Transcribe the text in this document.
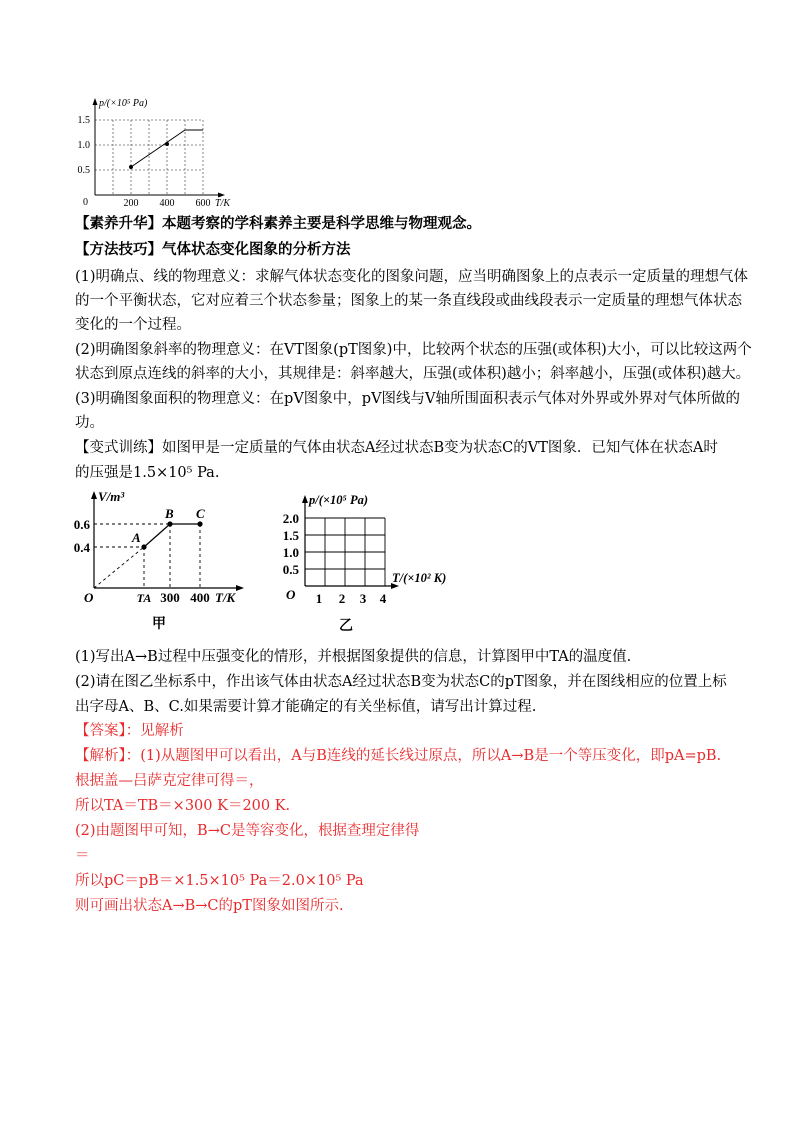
p/(×10⁵ Pa)
1.5
1.0
0.5
0	200 400 600 T/K
【素养升华】本题考察的学科素养主要是科学思维与物理观念。
【方法技巧】气体状态变化图象的分析方法
(1)明确点、线的物理意义：求解气体状态变化的图象问题，应当明确图象上的点表示一定质量的理想气体
的一个平衡状态，它对应着三个状态参量；图象上的某一条直线段或曲线段表示一定质量的理想气体状态
变化的一个过程。
(2)明确图象斜率的物理意义：在VT图象(pT图象)中，比较两个状态的压强(或体积)大小，可以比较这两个
状态到原点连线的斜率的大小，其规律是：斜率越大，压强(或体积)越小；斜率越小，压强(或体积)越大。
(3)明确图象面积的物理意义：在pV图象中，pV图线与V轴所围面积表示气体对外界或外界对气体所做的
功。
【变式训练】如图甲是一定质量的气体由状态A经过状态B变为状态C的VT图象．已知气体在状态A时
的压强是1.5×10⁵ Pa.
V/m³
0.6
0.4
A
B C
O	TA 300 400 T/K
甲
p/(×10⁵ Pa)
2.0
1.5
1.0
0.5
O 1 2 3 4
T/(×10² K)
乙
(1)写出A→B过程中压强变化的情形，并根据图象提供的信息，计算图甲中TA的温度值.
(2)请在图乙坐标系中，作出该气体由状态A经过状态B变为状态C的pT图象，并在图线相应的位置上标
出字母A、B、C.如果需要计算才能确定的有关坐标值，请写出计算过程.
【答案】：见解析
【解析】：(1)从题图甲可以看出，A与B连线的延长线过原点，所以A→B是一个等压变化，即pA=pB.
根据盖—吕萨克定律可得＝，
所以TA＝TB＝×300 K＝200 K.
(2)由题图甲可知，B→C是等容变化，根据查理定律得
＝
所以pC＝pB＝×1.5×10⁵ Pa＝2.0×10⁵ Pa
则可画出状态A→B→C的pT图象如图所示.
